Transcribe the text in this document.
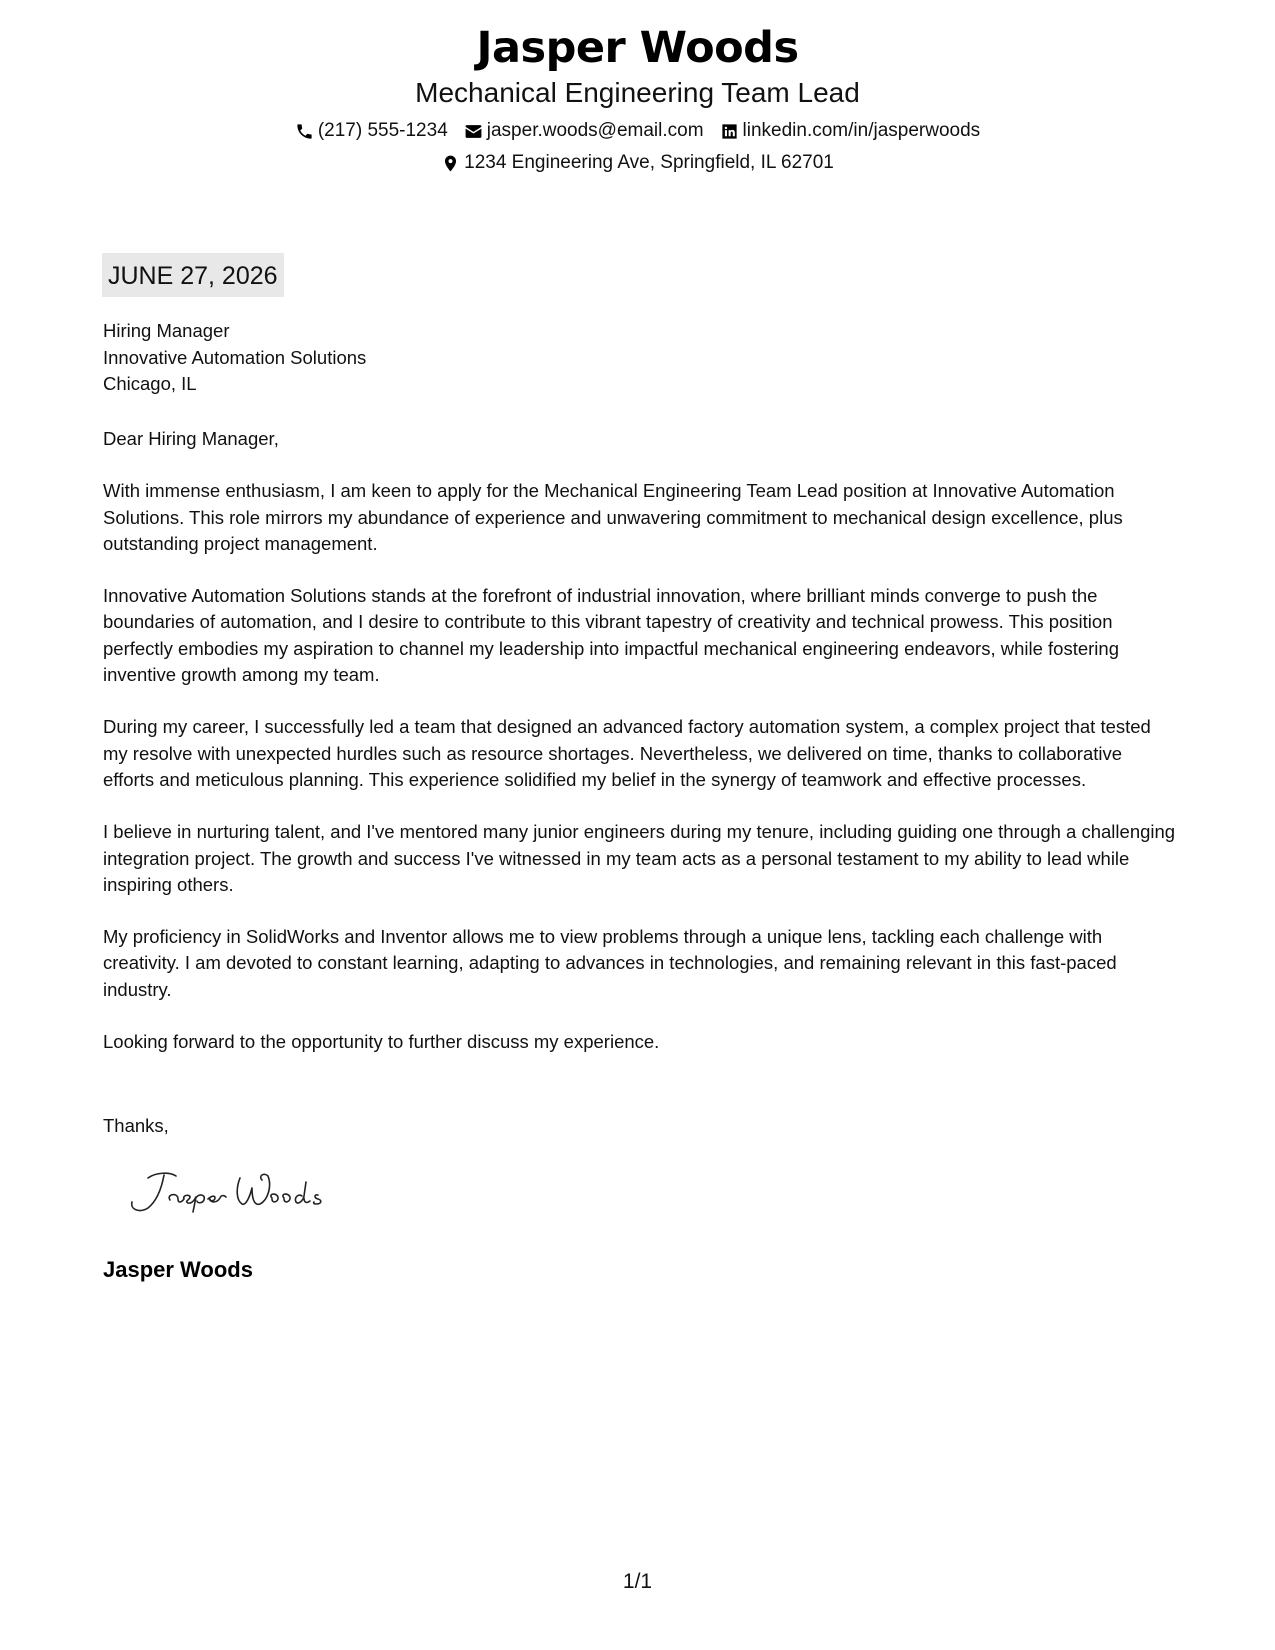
Jasper Woods
Mechanical Engineering Team Lead
(217) 555-1234 jasper.woods@email.com linkedin.com/in/jasperwoods
1234 Engineering Ave, Springfield, IL 62701
JUNE 27, 2026
Hiring Manager
Innovative Automation Solutions
Chicago, IL

Dear Hiring Manager,

With immense enthusiasm, I am keen to apply for the Mechanical Engineering Team Lead position at Innovative Automation Solutions. This role mirrors my abundance of experience and unwavering commitment to mechanical design excellence, plus outstanding project management.

Innovative Automation Solutions stands at the forefront of industrial innovation, where brilliant minds converge to push the boundaries of automation, and I desire to contribute to this vibrant tapestry of creativity and technical prowess. This position perfectly embodies my aspiration to channel my leadership into impactful mechanical engineering endeavors, while fostering inventive growth among my team.

During my career, I successfully led a team that designed an advanced factory automation system, a complex project that tested my resolve with unexpected hurdles such as resource shortages. Nevertheless, we delivered on time, thanks to collaborative efforts and meticulous planning. This experience solidified my belief in the synergy of teamwork and effective processes.

I believe in nurturing talent, and I've mentored many junior engineers during my tenure, including guiding one through a challenging integration project. The growth and success I've witnessed in my team acts as a personal testament to my ability to lead while inspiring others.

My proficiency in SolidWorks and Inventor allows me to view problems through a unique lens, tackling each challenge with creativity. I am devoted to constant learning, adapting to advances in technologies, and remaining relevant in this fast-paced industry.

Looking forward to the opportunity to further discuss my experience.

Thanks,
Jasper Woods
1/1
